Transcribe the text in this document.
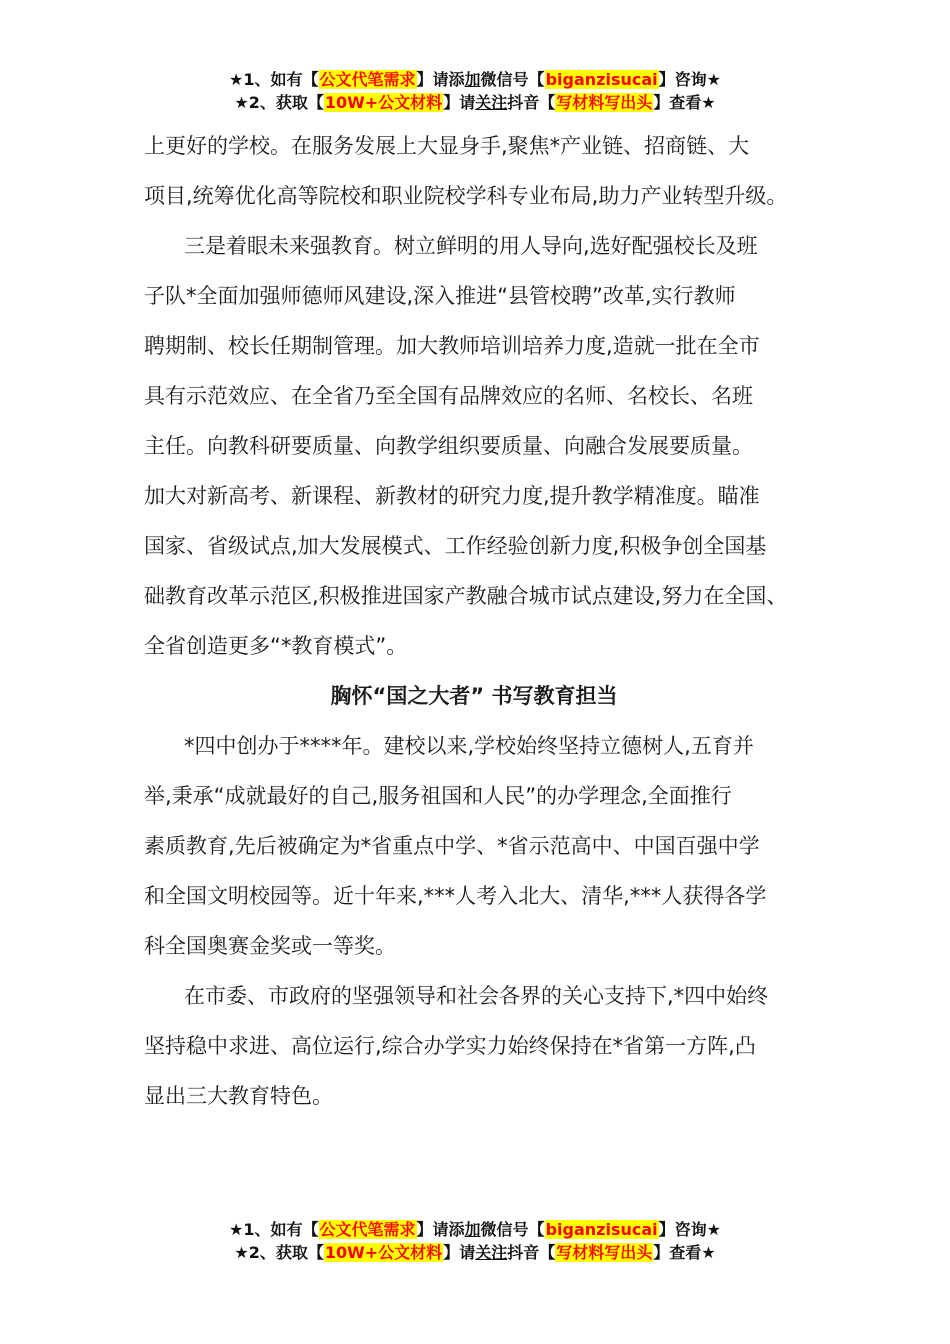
★1、如有【公文代笔需求】请添加微信号【biganzisucai】咨询★
★2、获取【10W+公文材料】请关注抖音【写材料写出头】查看★
上更好的学校。在服务发展上大显身手,聚焦*产业链、招商链、大
项目,统筹优化高等院校和职业院校学科专业布局,助力产业转型升级。
三是着眼未来强教育。树立鲜明的用人导向,选好配强校长及班
子队*全面加强师德师风建设,深入推进“县管校聘”改革,实行教师
聘期制、校长任期制管理。加大教师培训培养力度,造就一批在全市
具有示范效应、在全省乃至全国有品牌效应的名师、名校长、名班
主任。向教科研要质量、向教学组织要质量、向融合发展要质量。
加大对新高考、新课程、新教材的研究力度,提升教学精准度。瞄准
国家、省级试点,加大发展模式、工作经验创新力度,积极争创全国基
础教育改革示范区,积极推进国家产教融合城市试点建设,努力在全国、
全省创造更多“*教育模式”。
胸怀“国之大者” 书写教育担当
*四中创办于****年。建校以来,学校始终坚持立德树人,五育并
举,秉承“成就最好的自己,服务祖国和人民”的办学理念,全面推行
素质教育,先后被确定为*省重点中学、*省示范高中、中国百强中学
和全国文明校园等。近十年来,***人考入北大、清华,***人获得各学
科全国奥赛金奖或一等奖。
在市委、市政府的坚强领导和社会各界的关心支持下,*四中始终
坚持稳中求进、高位运行,综合办学实力始终保持在*省第一方阵,凸
显出三大教育特色。
★1、如有【公文代笔需求】请添加微信号【biganzisucai】咨询★
★2、获取【10W+公文材料】请关注抖音【写材料写出头】查看★
